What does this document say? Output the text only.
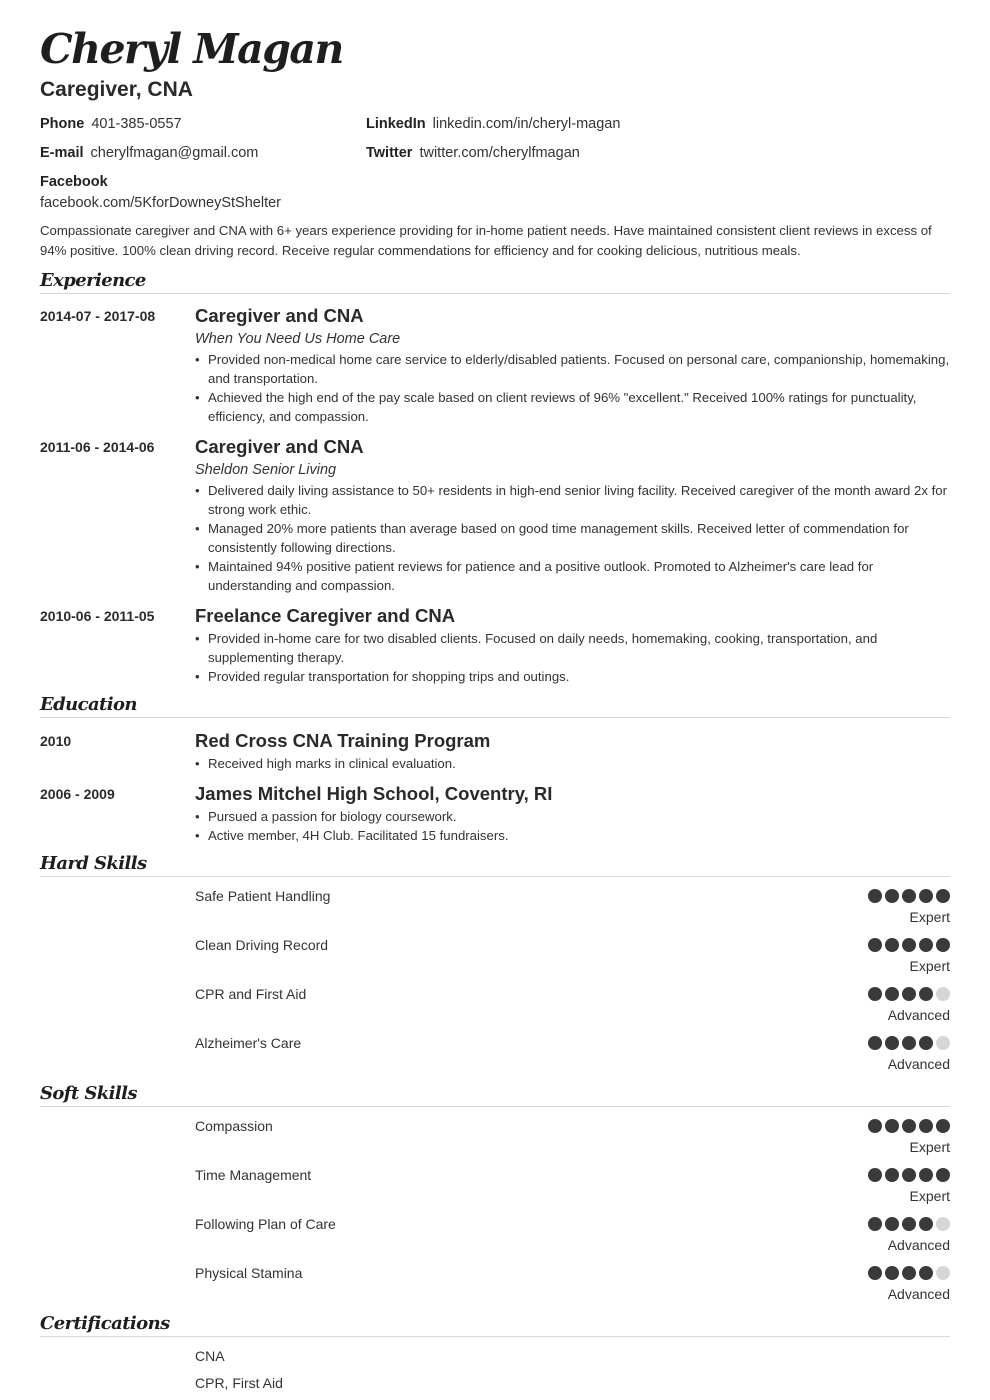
Cheryl Magan
Caregiver, CNA
Phone 401-385-0557
E-mail cherylfmagan@gmail.com
Facebook
facebook.com/5KforDowneyStShelter
LinkedIn linkedin.com/in/cheryl-magan
Twitter twitter.com/cherylfmagan
Compassionate caregiver and CNA with 6+ years experience providing for in-home patient needs. Have maintained consistent client reviews in excess of 94% positive. 100% clean driving record. Receive regular commendations for efficiency and for cooking delicious, nutritious meals.
Experience
2014-07 - 2017-08	Caregiver and CNA
When You Need Us Home Care
• Provided non-medical home care service to elderly/disabled patients. Focused on personal care, companionship, homemaking, and transportation.
• Achieved the high end of the pay scale based on client reviews of 96% "excellent." Received 100% ratings for punctuality, efficiency, and compassion.
2011-06 - 2014-06	Caregiver and CNA
Sheldon Senior Living
• Delivered daily living assistance to 50+ residents in high-end senior living facility. Received caregiver of the month award 2x for strong work ethic.
• Managed 20% more patients than average based on good time management skills. Received letter of commendation for consistently following directions.
• Maintained 94% positive patient reviews for patience and a positive outlook. Promoted to Alzheimer's care lead for understanding and compassion.
2010-06 - 2011-05	Freelance Caregiver and CNA
• Provided in-home care for two disabled clients. Focused on daily needs, homemaking, cooking, transportation, and supplementing therapy.
• Provided regular transportation for shopping trips and outings.
Education
2010	Red Cross CNA Training Program
• Received high marks in clinical evaluation.
2006 - 2009	James Mitchel High School, Coventry, RI
• Pursued a passion for biology coursework.
• Active member, 4H Club. Facilitated 15 fundraisers.
Hard Skills
Safe Patient Handling
Expert
Clean Driving Record
Expert
CPR and First Aid
Advanced
Alzheimer's Care
Advanced
Soft Skills
Compassion
Expert
Time Management
Expert
Following Plan of Care
Advanced
Physical Stamina
Advanced
Certifications
CNA
CPR, First Aid
